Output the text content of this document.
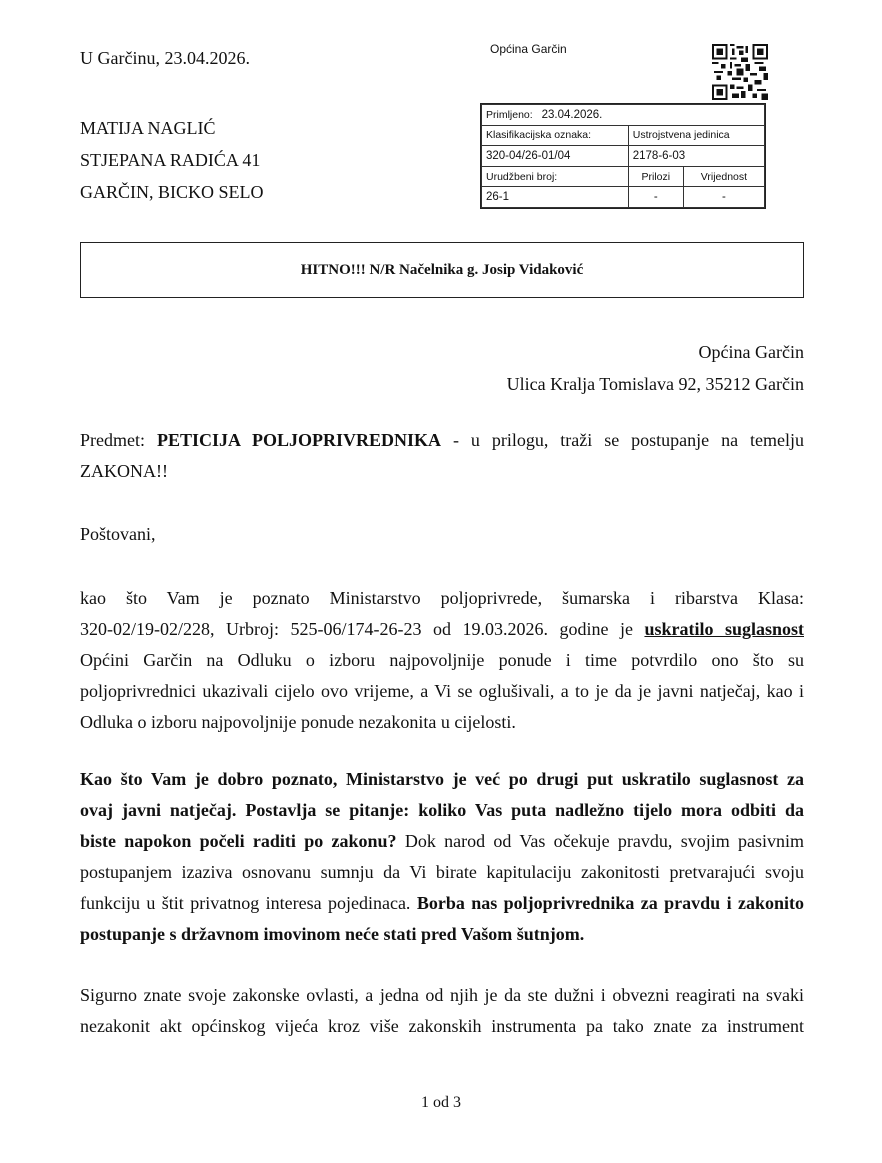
U Garčinu, 23.04.2026.
MATIJA NAGLIĆ
STJEPANA RADIĆA 41
GARČIN, BICKO SELO
Općina Garčin
Primljeno: 23.04.2026.		
Klasifikacijska oznaka:	Ustrojstvena jedinica	
320-04/26-01/04	2178-6-03	
Urudžbeni broj:	Prilozi	Vrijednost
26-1	-	-
HITNO!!! N/R Načelnika g. Josip Vidaković
Općina Garčin
Ulica Kralja Tomislava 92, 35212 Garčin
Predmet: PETICIJA POLJOPRIVREDNIKA - u prilogu, traži se postupanje na temelju
ZAKONA!!
Poštovani,
kao što Vam je poznato Ministarstvo poljoprivrede, šumarska i ribarstva Klasa:
320-02/19-02/228, Urbroj: 525-06/174-26-23 od 19.03.2026. godine je uskratilo suglasnost
Općini Garčin na Odluku o izboru najpovoljnije ponude i time potvrdilo ono što su
poljoprivrednici ukazivali cijelo ovo vrijeme, a Vi se oglušivali, a to je da je javni natječaj, kao i
Odluka o izboru najpovoljnije ponude nezakonita u cijelosti.
Kao što Vam je dobro poznato, Ministarstvo je već po drugi put uskratilo suglasnost za
ovaj javni natječaj. Postavlja se pitanje: koliko Vas puta nadležno tijelo mora odbiti da
biste napokon počeli raditi po zakonu? Dok narod od Vas očekuje pravdu, svojim pasivnim
postupanjem izaziva osnovanu sumnju da Vi birate kapitulaciju zakonitosti pretvarajući svoju
funkciju u štit privatnog interesa pojedinaca. Borba nas poljoprivrednika za pravdu i zakonito
postupanje s državnom imovinom neće stati pred Vašom šutnjom.
Sigurno znate svoje zakonske ovlasti, a jedna od njih je da ste dužni i obvezni reagirati na svaki
nezakonit akt općinskog vijeća kroz više zakonskih instrumenta pa tako znate za instrument
1 od 3
